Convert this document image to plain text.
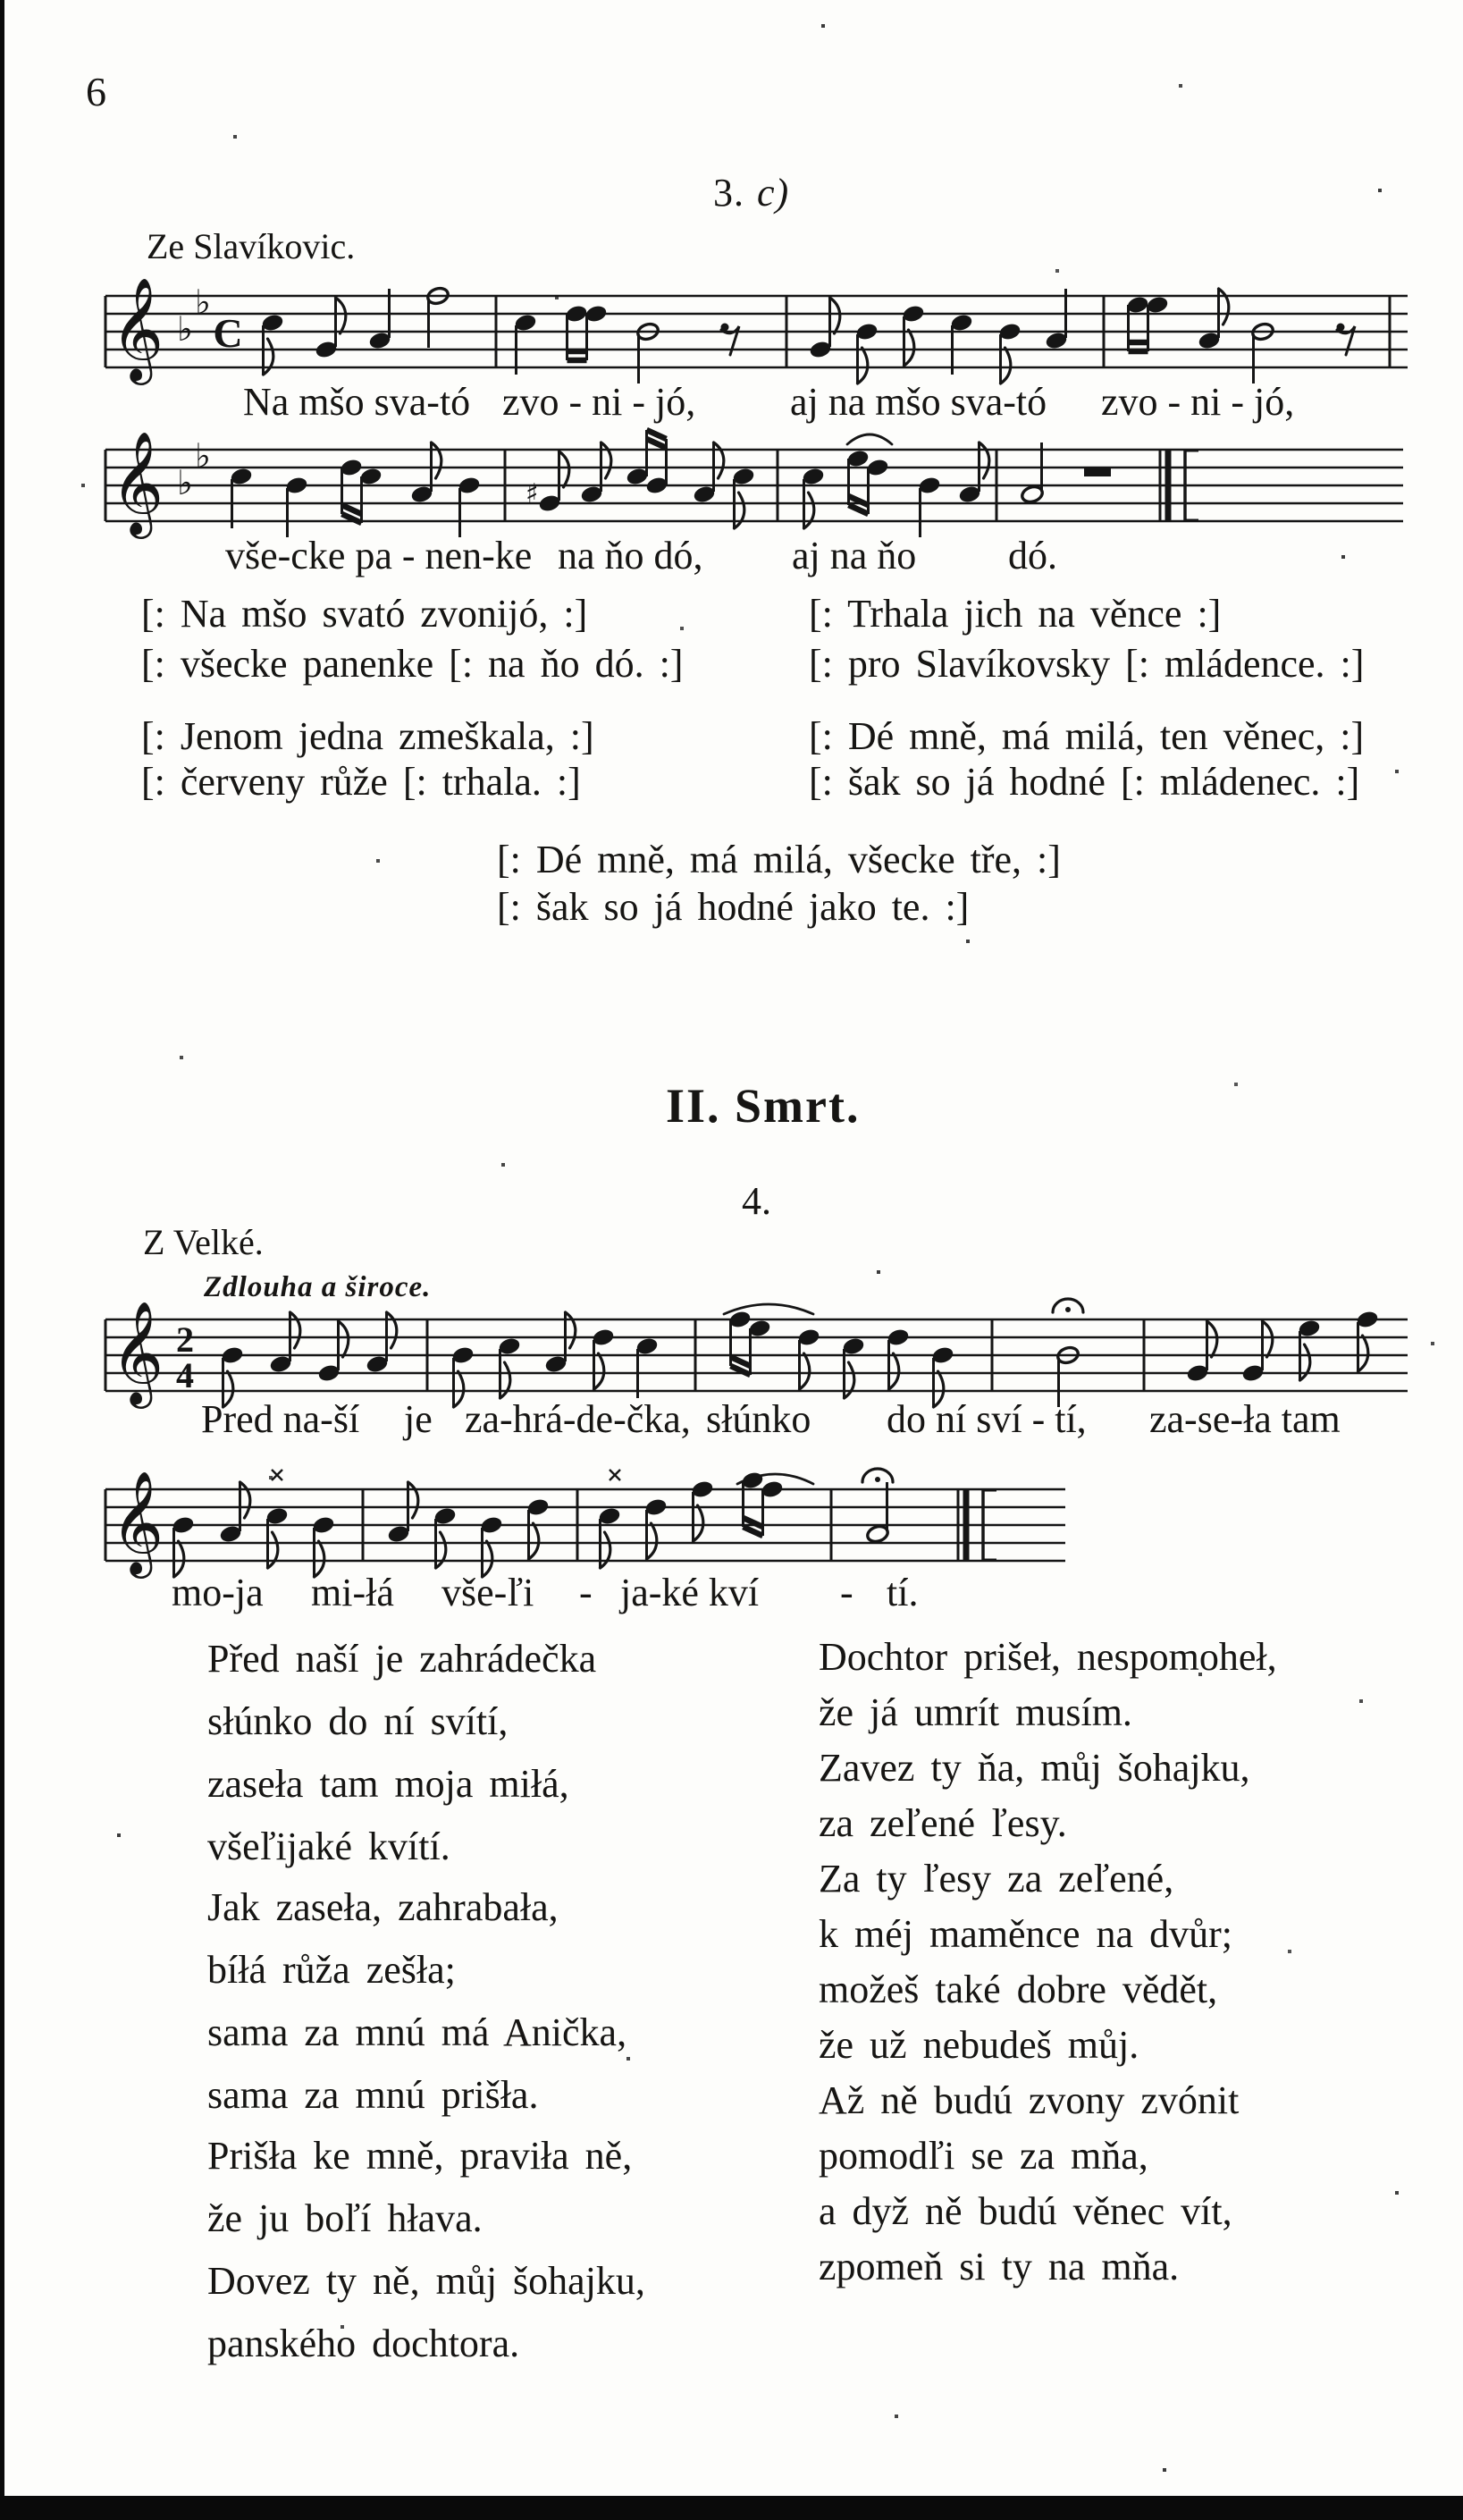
6
3. c)
Ze Slavíkovic.
𝄞 ♭
♭
C
𝄞 ♭
♭
♯
II. Smrt.
4.
Z Velké.
Zdlouha a široce.
𝄞 2
4
𝄞
Na mšo sva-tó zvo - ni - jó, aj na mšo sva-tó zvo - ni - jó,
vše-cke pa - nen-ke na ňo dó, aj na ňo dó.
Pred na-ší je za-hrá-de-čka, słúnko do ní sví - tí, za-se-ła tam
mo-ja mi-łá vše-ľi - ja-ké kví - tí.
[: Na mšo svató zvonijó, :]
[: všecke panenke [: na ňo dó. :]
[: Jenom jedna zmeškala, :]
[: červeny růže [: trhala. :]
[: Trhala jich na věnce :]
[: pro Slavíkovsky [: mládence. :]
[: Dé mně, má milá, ten věnec, :]
[: šak so já hodné [: mládenec. :]
[: Dé mně, má milá, všecke tře, :]
[: šak so já hodné jako te. :]
Před naší je zahrádečka
słúnko do ní svítí,
zaseła tam moja miłá,
všeľijaké kvítí.
Jak zaseła, zahrabała,
bíłá růža zešła;
sama za mnú má Anička,
sama za mnú prišła.
Prišła ke mně, praviła ně,
že ju boľí hłava.
Dovez ty ně, můj šohajku,
panského dochtora.
Dochtor prišeł, nespomoheł,
že já umrít musím.
Zavez ty ňa, můj šohajku,
za zeľené ľesy.
Za ty ľesy za zeľené,
k méj maměnce na dvůr;
možeš také dobre vědět,
že už nebudeš můj.
Až ně budú zvony zvónit
pomodľi se za mňa,
a dyž ně budú věnec vít,
zpomeň si ty na mňa.
